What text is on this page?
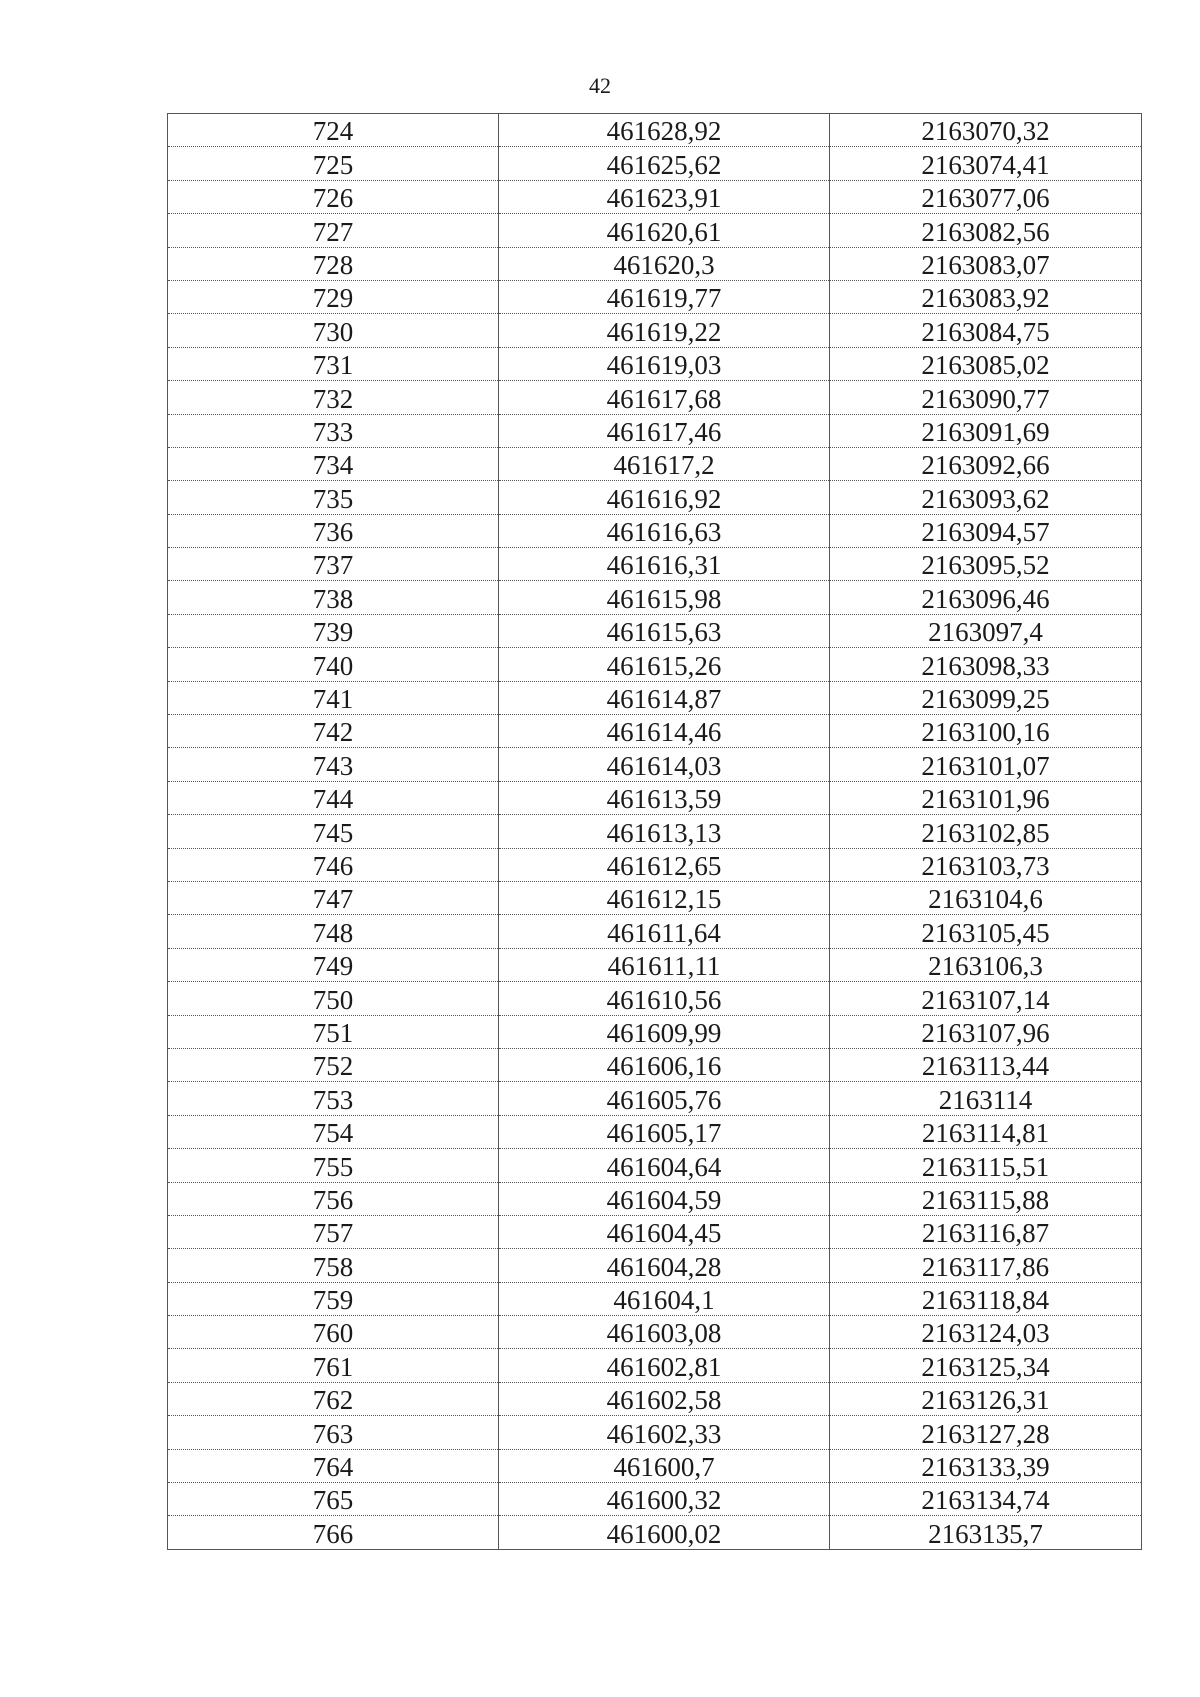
42
724	461628,92	2163070,32
725	461625,62	2163074,41
726	461623,91	2163077,06
727	461620,61	2163082,56
728	461620,3	2163083,07
729	461619,77	2163083,92
730	461619,22	2163084,75
731	461619,03	2163085,02
732	461617,68	2163090,77
733	461617,46	2163091,69
734	461617,2	2163092,66
735	461616,92	2163093,62
736	461616,63	2163094,57
737	461616,31	2163095,52
738	461615,98	2163096,46
739	461615,63	2163097,4
740	461615,26	2163098,33
741	461614,87	2163099,25
742	461614,46	2163100,16
743	461614,03	2163101,07
744	461613,59	2163101,96
745	461613,13	2163102,85
746	461612,65	2163103,73
747	461612,15	2163104,6
748	461611,64	2163105,45
749	461611,11	2163106,3
750	461610,56	2163107,14
751	461609,99	2163107,96
752	461606,16	2163113,44
753	461605,76	2163114
754	461605,17	2163114,81
755	461604,64	2163115,51
756	461604,59	2163115,88
757	461604,45	2163116,87
758	461604,28	2163117,86
759	461604,1	2163118,84
760	461603,08	2163124,03
761	461602,81	2163125,34
762	461602,58	2163126,31
763	461602,33	2163127,28
764	461600,7	2163133,39
765	461600,32	2163134,74
766	461600,02	2163135,7
